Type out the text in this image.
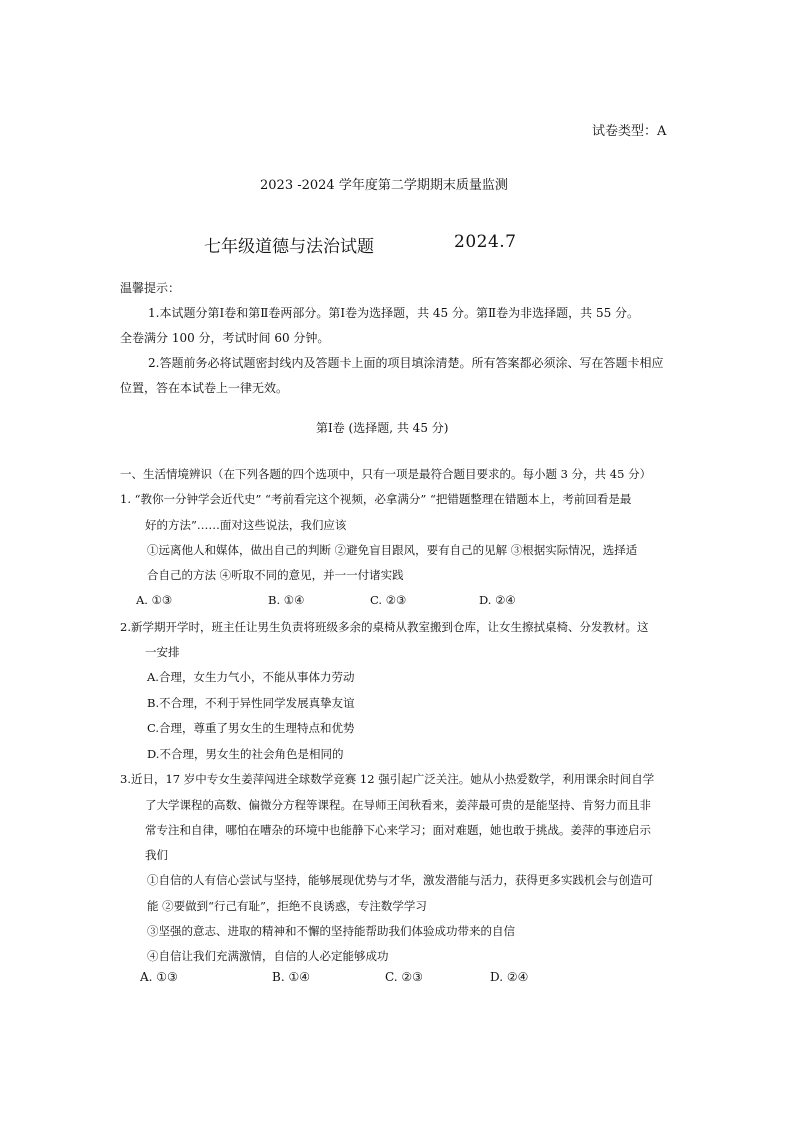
试卷类型：A
2023 -2024 学年度第二学期期末质量监测
七年级道德与法治试题	2024.7
温馨提示：
1.本试题分第Ⅰ卷和第Ⅱ卷两部分。第Ⅰ卷为选择题，共 45 分。第Ⅱ卷为非选择题，共 55 分。
全卷满分 100 分，考试时间 60 分钟。
2.答题前务必将试题密封线内及答题卡上面的项目填涂清楚。所有答案都必须涂、写在答题卡相应
位置，答在本试卷上一律无效。
第Ⅰ卷 (选择题, 共 45 分)
一、生活情境辨识（在下列各题的四个选项中，只有一项是最符合题目要求的。每小题 3 分，共 45 分）
1. “教你一分钟学会近代史” “考前看完这个视频，必拿满分” “把错题整理在错题本上，考前回看是最
好的方法”……面对这些说法，我们应该
①远离他人和媒体，做出自己的判断 ②避免盲目跟风，要有自己的见解 ③根据实际情况，选择适
合自己的方法 ④听取不同的意见，并一一付诸实践
A. ①③	B. ①④	C. ②③	D. ②④
2.新学期开学时，班主任让男生负责将班级多余的桌椅从教室搬到仓库，让女生擦拭桌椅、分发教材。这
一安排
A.合理，女生力气小，不能从事体力劳动
B.不合理，不利于异性同学发展真挚友谊
C.合理，尊重了男女生的生理特点和优势
D.不合理，男女生的社会角色是相同的
3.近日，17 岁中专女生姜萍闯进全球数学竞赛 12 强引起广泛关注。她从小热爱数学，利用课余时间自学
了大学课程的高数、偏微分方程等课程。在导师王闰秋看来，姜萍最可贵的是能坚持、肯努力而且非
常专注和自律，哪怕在嘈杂的环境中也能静下心来学习；面对难题，她也敢于挑战。姜萍的事迹启示
我们
①自信的人有信心尝试与坚持，能够展现优势与才华，激发潜能与活力，获得更多实践机会与创造可
能 ②要做到“行己有耻”，拒绝不良诱惑，专注数学学习
③坚强的意志、进取的精神和不懈的坚持能帮助我们体验成功带来的自信
④自信让我们充满激情，自信的人必定能够成功
A. ①③	B. ①④	C. ②③	D. ②④
